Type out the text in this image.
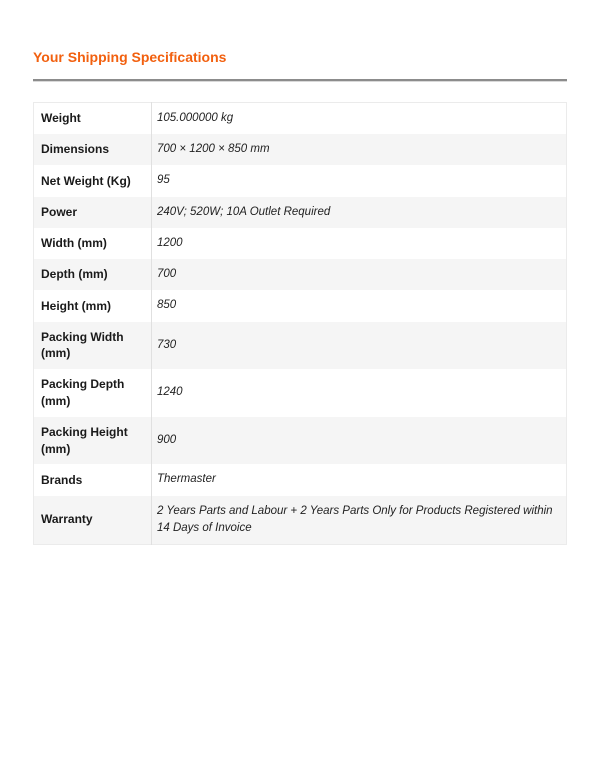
Your Shipping Specifications
Weight	105.000000 kg
Dimensions	700 × 1200 × 850 mm
Net Weight (Kg)	95
Power	240V; 520W; 10A Outlet Required
Width (mm)	1200
Depth (mm)	700
Height (mm)	850
Packing Width (mm)	730
Packing Depth (mm)	1240
Packing Height (mm)	900
Brands	Thermaster
Warranty	2 Years Parts and Labour + 2 Years Parts Only for Products Registered within 14 Days of Invoice
